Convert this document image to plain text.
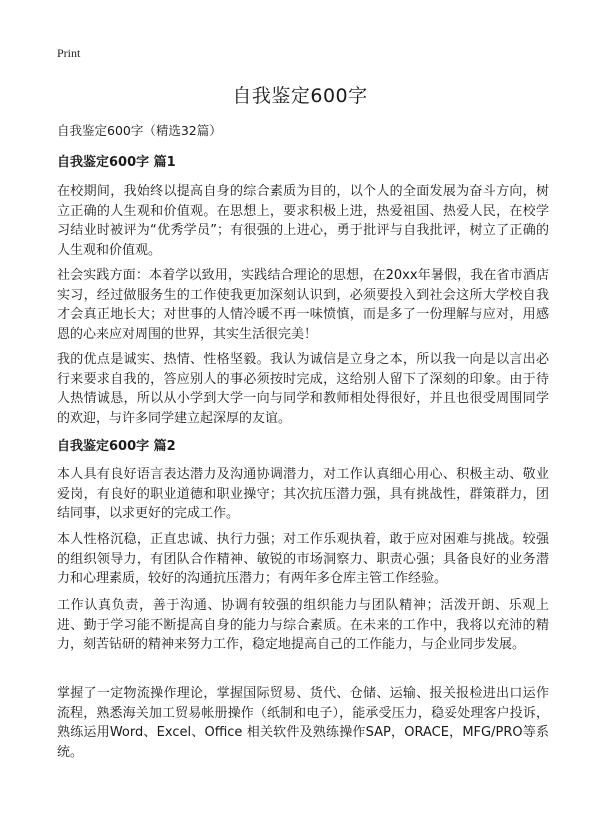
Print
自我鉴定600字

自我鉴定600字（精选32篇）

自我鉴定600字 篇1

在校期间，我始终以提高自身的综合素质为目的，以个人的全面发展为奋斗方向，树立正确的人生观和价值观。在思想上，要求积极上进，热爱祖国、热爱人民，在校学习结业时被评为“优秀学员”；有很强的上进心，勇于批评与自我批评，树立了正确的人生观和价值观。

社会实践方面：本着学以致用，实践结合理论的思想，在20xx年暑假，我在省市酒店实习，经过做服务生的工作使我更加深刻认识到，必须要投入到社会这所大学校自我才会真正地长大；对世事的人情冷暖不再一味愤慎，而是多了一份理解与应对，用感恩的心来应对周围的世界，其实生活很完美！

我的优点是诚实、热情、性格坚毅。我认为诚信是立身之本，所以我一向是以言出必行来要求自我的，答应别人的事必须按时完成，这给别人留下了深刻的印象。由于待人热情诚恳，所以从小学到大学一向与同学和教师相处得很好，并且也很受周围同学的欢迎，与许多同学建立起深厚的友谊。

自我鉴定600字 篇2

本人具有良好语言表达潜力及沟通协调潜力，对工作认真细心用心、积极主动、敬业爱岗，有良好的职业道德和职业操守；其次抗压潜力强，具有挑战性，群策群力，团结同事，以求更好的完成工作。

本人性格沉稳，正直忠诚、执行力强；对工作乐观执着，敢于应对困难与挑战。较强的组织领导力，有团队合作精神、敏锐的市场洞察力、职责心强；具备良好的业务潜力和心理素质，较好的沟通抗压潜力；有两年多仓库主管工作经验。

工作认真负责，善于沟通、协调有较强的组织能力与团队精神；活泼开朗、乐观上进、勤于学习能不断提高自身的能力与综合素质。在未来的工作中，我将以充沛的精力，刻苦钻研的精神来努力工作，稳定地提高自己的工作能力，与企业同步发展。

掌握了一定物流操作理论，掌握国际贸易、货代、仓储、运输、报关报检进出口运作流程，熟悉海关加工贸易帐册操作（纸制和电子），能承受压力，稳妥处理客户投诉，熟练运用Word、Excel、Office 相关软件及熟练操作SAP，ORACE，MFG/PRO等系统。
